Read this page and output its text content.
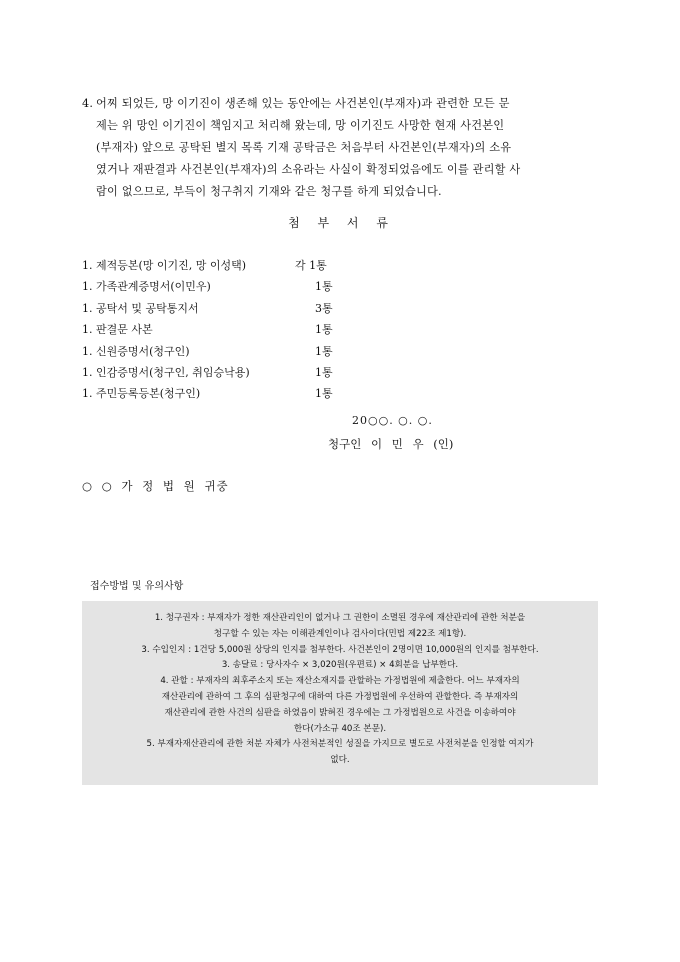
4. 어찌 되었든, 망 이기진이 생존해 있는 동안에는 사건본인(부재자)과 관련한 모든 문
제는 위 망인 이기진이 책임지고 처리해 왔는데, 망 이기진도 사망한 현재 사건본인
(부재자) 앞으로 공탁된 별지 목록 기재 공탁금은 처음부터 사건본인(부재자)의 소유
였거나 재판결과 사건본인(부재자)의 소유라는 사실이 확정되었음에도 이를 관리할 사
람이 없으므로, 부득이 청구취지 기재와 같은 청구를 하게 되었습니다.
첨 부 서 류
1. 제적등본(망 이기진, 망 이성택)	각 1통
1. 가족관계증명서(이민우)	1통
1. 공탁서 및 공탁통지서	3통
1. 판결문 사본	1통
1. 신원증명서(청구인)	1통
1. 인감증명서(청구인, 취임승낙용)	1통
1. 주민등록등본(청구인)	1통
20○○. ○. ○.
청구인 이 민 우 (인)
○ ○ 가 정 법 원 귀중
접수방법 및 유의사항
1. 청구권자 : 부재자가 정한 재산관리인이 없거나 그 권한이 소멸된 경우에 재산관리에 관한 처분을
청구할 수 있는 자는 이해관계인이나 검사이다(민법 제22조 제1항).
3. 수입인지 : 1건당 5,000원 상당의 인지를 첨부한다. 사건본인이 2명이면 10,000원의 인지를 첨부한다.
3. 송달료 : 당사자수 × 3,020원(우편료) × 4회분을 납부한다.
4. 관할 : 부재자의 최후주소지 또는 재산소재지를 관할하는 가정법원에 제출한다. 어느 부재자의
재산관리에 관하여 그 후의 심판청구에 대하여 다른 가정법원에 우선하여 관할한다. 즉 부재자의
재산관리에 관한 사건의 심판을 하였음이 밝혀진 경우에는 그 가정법원으로 사건을 이송하여야
한다(가소규 40조 본문).
5. 부재자재산관리에 관한 처분 자체가 사전처분적인 성질을 가지므로 별도로 사전처분을 인정할 여지가
없다.
